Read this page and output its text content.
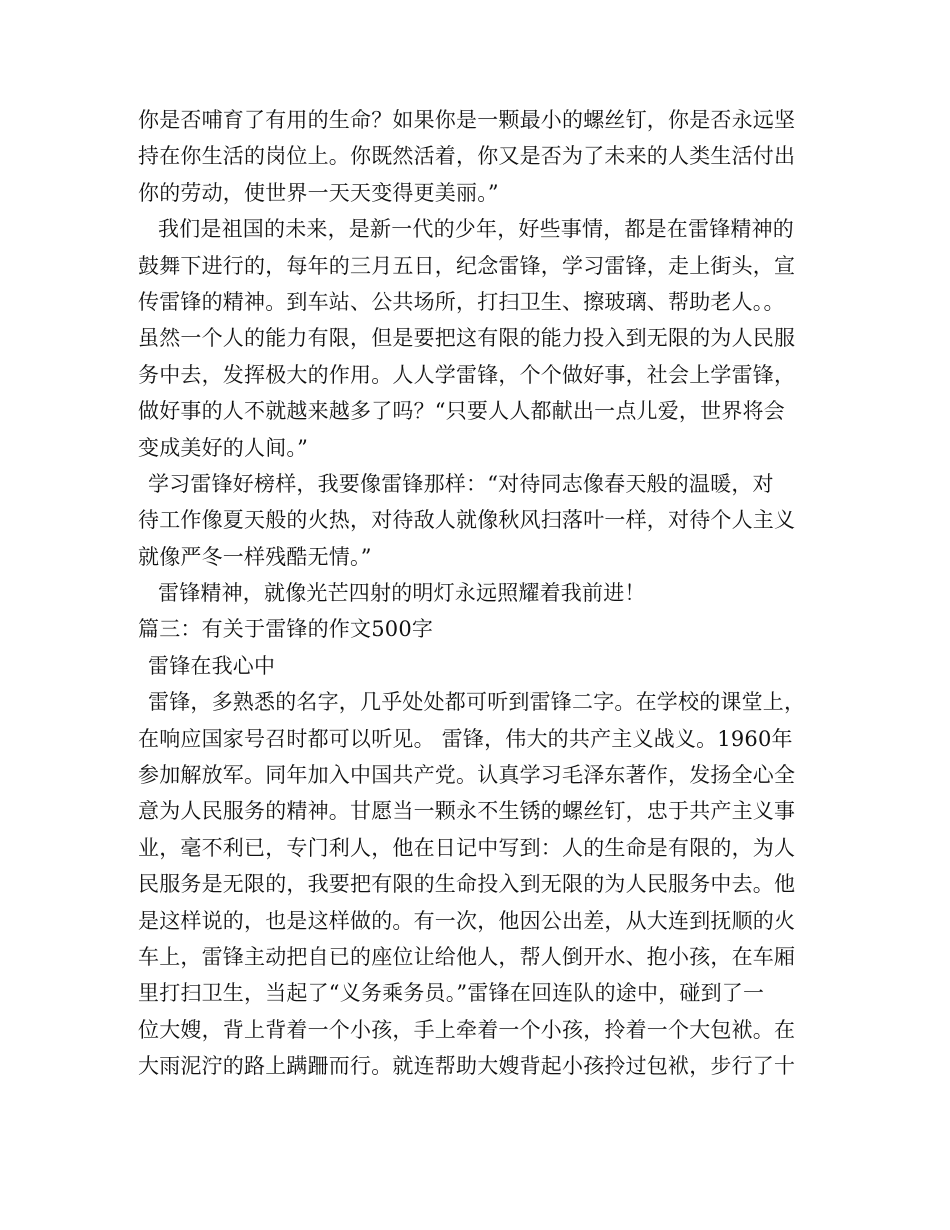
你是否哺育了有用的生命？如果你是一颗最小的螺丝钉，你是否永远坚

持在你生活的岗位上。你既然活着，你又是否为了未来的人类生活付出

你的劳动，使世界一天天变得更美丽。”

我们是祖国的未来，是新一代的少年，好些事情，都是在雷锋精神的

鼓舞下进行的，每年的三月五日，纪念雷锋，学习雷锋，走上街头，宣

传雷锋的精神。到车站、公共场所，打扫卫生、擦玻璃、帮助老人。。

虽然一个人的能力有限，但是要把这有限的能力投入到无限的为人民服

务中去，发挥极大的作用。人人学雷锋，个个做好事，社会上学雷锋，

做好事的人不就越来越多了吗？“只要人人都献出一点儿爱，世界将会

变成美好的人间。”

学习雷锋好榜样，我要像雷锋那样：“对待同志像春天般的温暖，对

待工作像夏天般的火热，对待敌人就像秋风扫落叶一样，对待个人主义

就像严冬一样残酷无情。”

雷锋精神，就像光芒四射的明灯永远照耀着我前进！

篇三：有关于雷锋的作文500字

雷锋在我心中

雷锋，多熟悉的名字，几乎处处都可听到雷锋二字。在学校的课堂上，

在响应国家号召时都可以听见。 雷锋，伟大的共产主义战义。1960年

参加解放军。同年加入中国共产党。认真学习毛泽东著作，发扬全心全

意为人民服务的精神。甘愿当一颗永不生锈的螺丝钉，忠于共产主义事

业，毫不利已，专门利人，他在日记中写到：人的生命是有限的，为人

民服务是无限的，我要把有限的生命投入到无限的为人民服务中去。他

是这样说的，也是这样做的。有一次，他因公出差，从大连到抚顺的火

车上，雷锋主动把自已的座位让给他人，帮人倒开水、抱小孩，在车厢

里打扫卫生，当起了“义务乘务员。”雷锋在回连队的途中，碰到了一

位大嫂，背上背着一个小孩，手上牵着一个小孩，拎着一个大包袱。在

大雨泥泞的路上蹒跚而行。就连帮助大嫂背起小孩拎过包袱，步行了十
